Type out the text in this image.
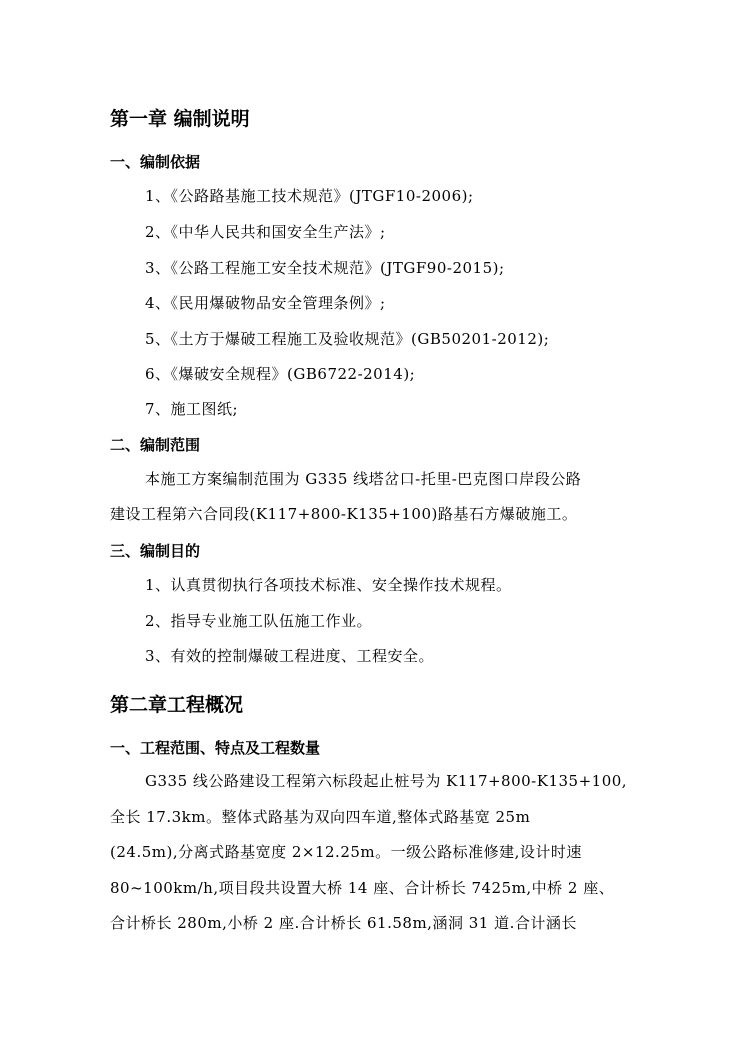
第一章 编制说明
一、编制依据
1、《公路路基施工技术规范》(JTGF10-2006);
2、《中华人民共和国安全生产法》;
3、《公路工程施工安全技术规范》(JTGF90-2015);
4、《民用爆破物品安全管理条例》;
5、《土方于爆破工程施工及验收规范》(GB50201-2012);
6、《爆破安全规程》(GB6722-2014);
7、施工图纸;
二、编制范围
本施工方案编制范围为 G335 线塔岔口-托里-巴克图口岸段公路
建设工程第六合同段(K117+800-K135+100)路基石方爆破施工。
三、编制目的
1、认真贯彻执行各项技术标准、安全操作技术规程。
2、指导专业施工队伍施工作业。
3、有效的控制爆破工程进度、工程安全。
第二章工程概况
一、工程范围、特点及工程数量
G335 线公路建设工程第六标段起止桩号为 K117+800-K135+100,
全长 17.3km。整体式路基为双向四车道,整体式路基宽 25m
(24.5m),分离式路基宽度 2×12.25m。一级公路标准修建,设计时速
80~100km/h,项目段共设置大桥 14 座、合计桥长 7425m,中桥 2 座、
合计桥长 280m,小桥 2 座.合计桥长 61.58m,涵洞 31 道.合计涵长
